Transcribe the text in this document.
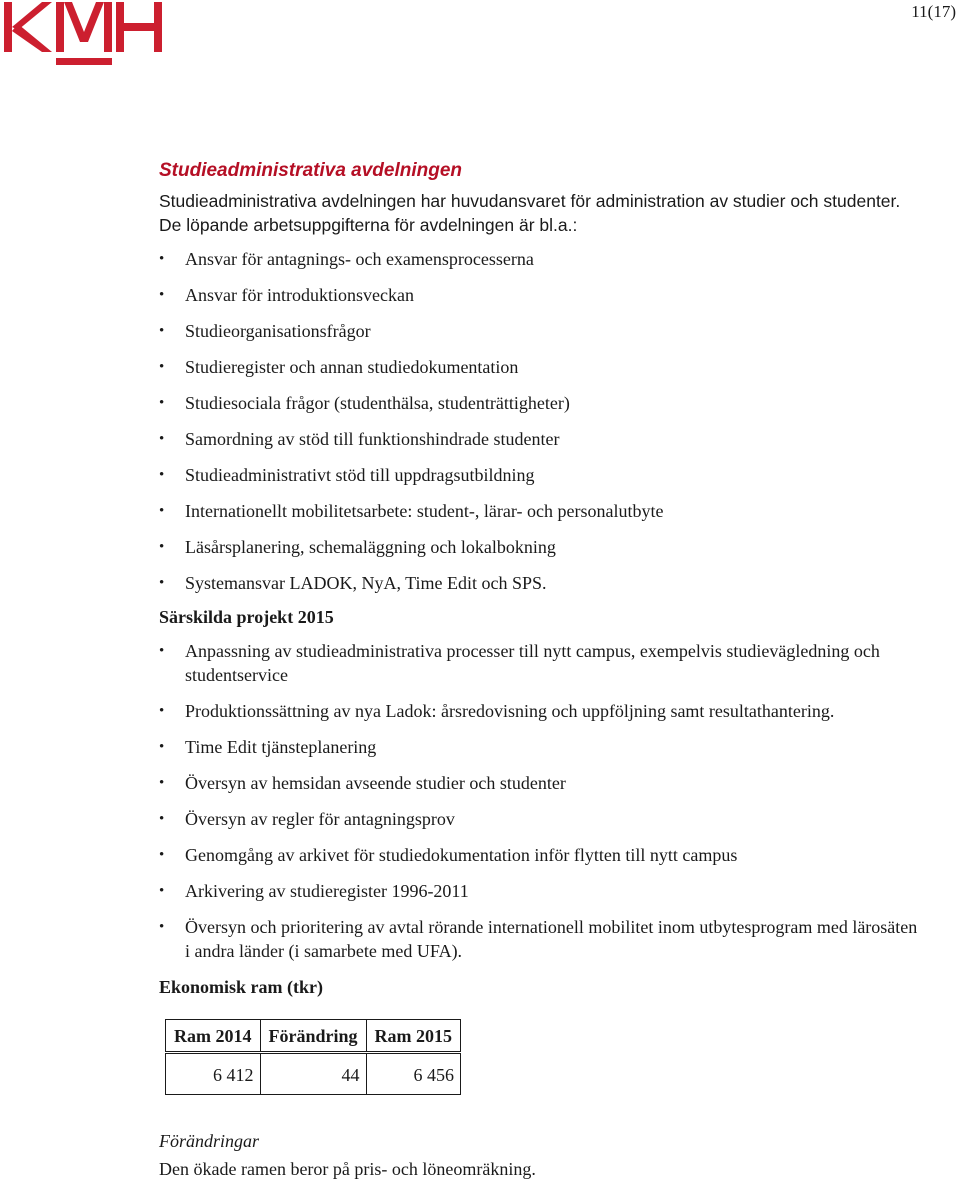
11(17)
Studieadministrativa avdelningen

Studieadministrativa avdelningen har huvudansvaret för administration av studier och studenter. De löpande arbetsuppgifterna för avdelningen är bl.a.:

• Ansvar för antagnings- och examensprocesserna
• Ansvar för introduktionsveckan
• Studieorganisationsfrågor
• Studieregister och annan studiedokumentation
• Studiesociala frågor (studenthälsa, studenträttigheter)
• Samordning av stöd till funktionshindrade studenter
• Studieadministrativt stöd till uppdragsutbildning
• Internationellt mobilitetsarbete: student-, lärar- och personalutbyte
• Läsårsplanering, schemaläggning och lokalbokning
• Systemansvar LADOK, NyA, Time Edit och SPS.
Särskilda projekt 2015
• Anpassning av studieadministrativa processer till nytt campus, exempelvis studievägledning och studentservice
• Produktionssättning av nya Ladok: årsredovisning och uppföljning samt resultathantering.
• Time Edit tjänsteplanering
• Översyn av hemsidan avseende studier och studenter
• Översyn av regler för antagningsprov
• Genomgång av arkivet för studiedokumentation inför flytten till nytt campus
• Arkivering av studieregister 1996-2011
• Översyn och prioritering av avtal rörande internationell mobilitet inom utbytesprogram med lärosäten i andra länder (i samarbete med UFA).
Ekonomisk ram (tkr)
Ram 2014	Förändring	Ram 2015
6 412	44	6 456
Förändringar
Den ökade ramen beror på pris- och löneomräkning.
